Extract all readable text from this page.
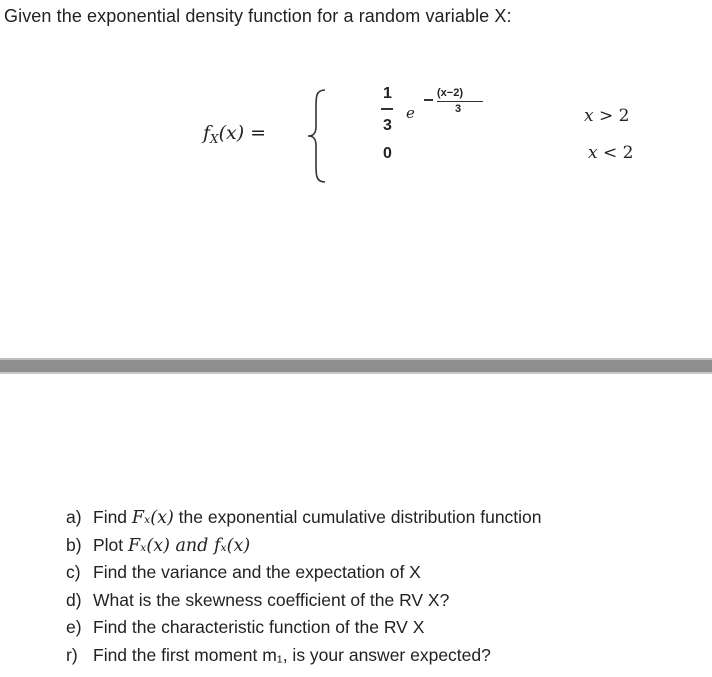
Given the exponential density function for a random variable X:
$f_X(x)$ =
1
3
0
e
(x−2)
3	x > 2
x < 2
a) Find Fₓ(x) the exponential cumulative distribution function
b) Plot Fₓ(x) and fₓ(x)
c) Find the variance and the expectation of X
d) What is the skewness coefficient of the RV X?
e) Find the characteristic function of the RV X
r) Find the first moment m₁, is your answer expected?
